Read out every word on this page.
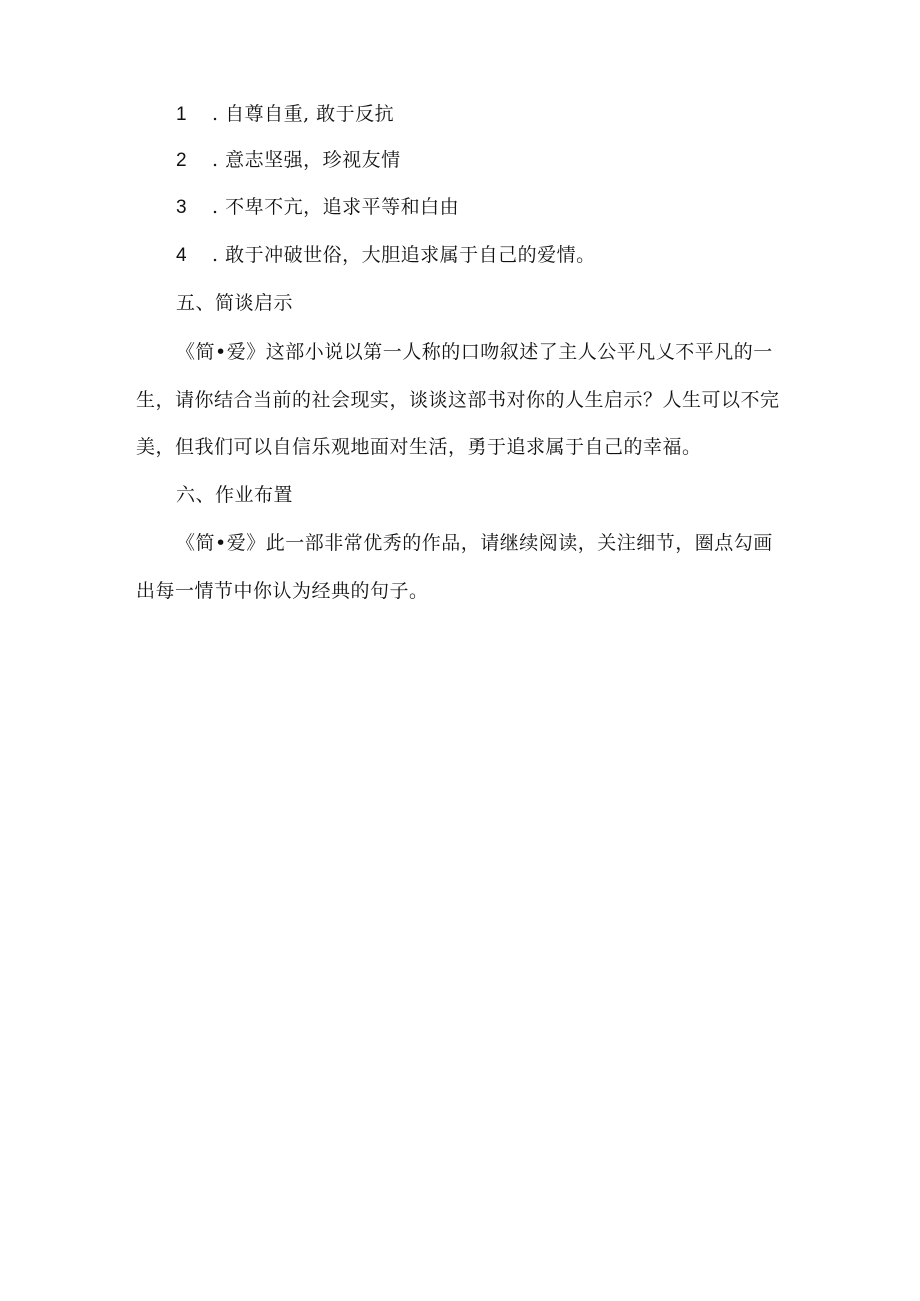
1 . 自尊自重, 敢于反抗
2 . 意志坚强，珍视友情
3 . 不卑不亢，追求平等和白由
4 . 敢于冲破世俗，大胆追求属于自己的爱情。
五、简谈启示
《简•爱》这部小说以第一人称的口吻叙述了主人公平凡乂不平凡的一
生，请你结合当前的社会现实，谈谈这部书对你的人生启示？人生可以不完
美，但我们可以自信乐观地面对生活，勇于追求属于自己的幸福。
六、作业布置
《简•爱》此一部非常优秀的作品，请继续阅读，关注细节，圈点勾画
出每一情节中你认为经典的句子。
